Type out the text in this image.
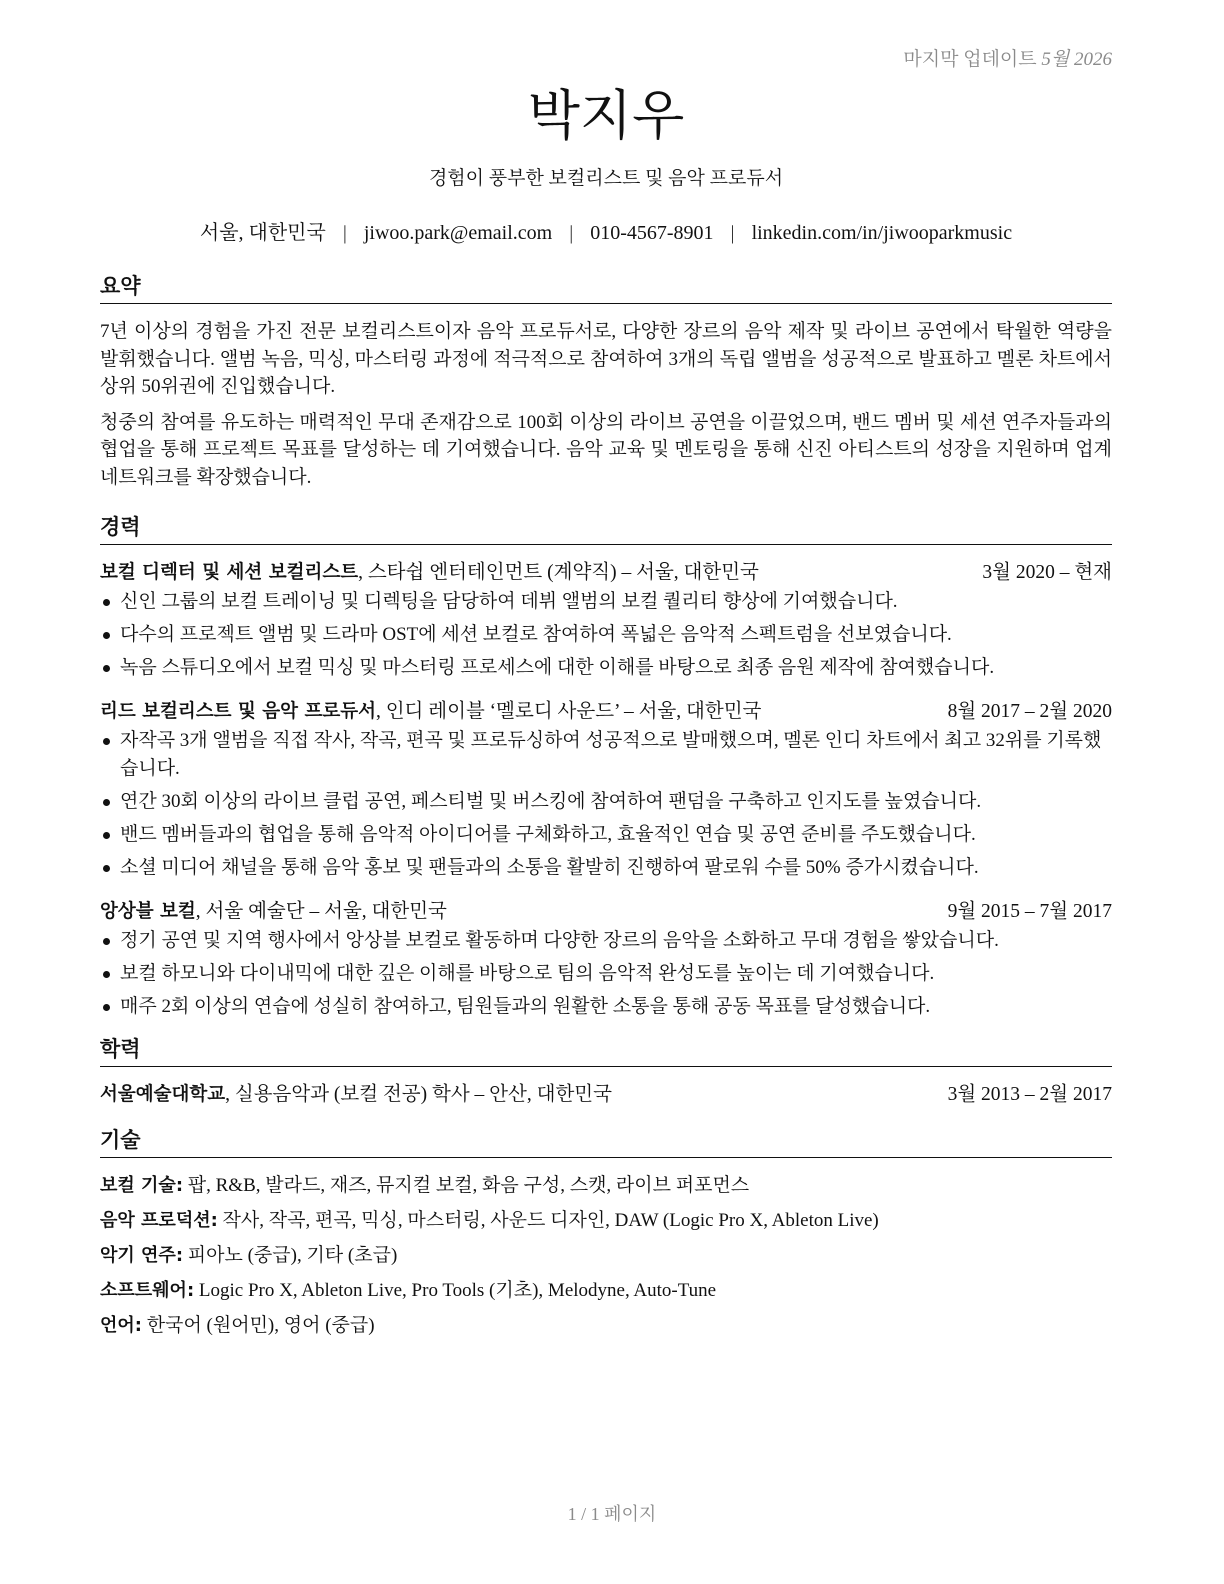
마지막 업데이트 5월 2026
박지우
경험이 풍부한 보컬리스트 및 음악 프로듀서
서울, 대한민국 | jiwoo.park@email.com | 010-4567-8901 | linkedin.com/in/jiwooparkmusic
요약

7년 이상의 경험을 가진 전문 보컬리스트이자 음악 프로듀서로, 다양한 장르의 음악 제작 및 라이브 공연에서 탁월한 역량을 발휘했습니다. 앨범 녹음, 믹싱, 마스터링 과정에 적극적으로 참여하여 3개의 독립 앨범을 성공적으로 발표하고 멜론 차트에서 상위 50위권에 진입했습니다.

청중의 참여를 유도하는 매력적인 무대 존재감으로 100회 이상의 라이브 공연을 이끌었으며, 밴드 멤버 및 세션 연주자들과의 협업을 통해 프로젝트 목표를 달성하는 데 기여했습니다. 음악 교육 및 멘토링을 통해 신진 아티스트의 성장을 지원하며 업계 네트워크를 확장했습니다.

경력
보컬 디렉터 및 세션 보컬리스트, 스타쉽 엔터테인먼트 (계약직) – 서울, 대한민국	3월 2020 – 현재
신인 그룹의 보컬 트레이닝 및 디렉팅을 담당하여 데뷔 앨범의 보컬 퀄리티 향상에 기여했습니다.
다수의 프로젝트 앨범 및 드라마 OST에 세션 보컬로 참여하여 폭넓은 음악적 스펙트럼을 선보였습니다.
녹음 스튜디오에서 보컬 믹싱 및 마스터링 프로세스에 대한 이해를 바탕으로 최종 음원 제작에 참여했습니다.
리드 보컬리스트 및 음악 프로듀서, 인디 레이블 ‘멜로디 사운드’ – 서울, 대한민국	8월 2017 – 2월 2020
자작곡 3개 앨범을 직접 작사, 작곡, 편곡 및 프로듀싱하여 성공적으로 발매했으며, 멜론 인디 차트에서 최고 32위를 기록했습니다.
연간 30회 이상의 라이브 클럽 공연, 페스티벌 및 버스킹에 참여하여 팬덤을 구축하고 인지도를 높였습니다.
밴드 멤버들과의 협업을 통해 음악적 아이디어를 구체화하고, 효율적인 연습 및 공연 준비를 주도했습니다.
소셜 미디어 채널을 통해 음악 홍보 및 팬들과의 소통을 활발히 진행하여 팔로워 수를 50% 증가시켰습니다.
앙상블 보컬, 서울 예술단 – 서울, 대한민국	9월 2015 – 7월 2017
정기 공연 및 지역 행사에서 앙상블 보컬로 활동하며 다양한 장르의 음악을 소화하고 무대 경험을 쌓았습니다.
보컬 하모니와 다이내믹에 대한 깊은 이해를 바탕으로 팀의 음악적 완성도를 높이는 데 기여했습니다.
매주 2회 이상의 연습에 성실히 참여하고, 팀원들과의 원활한 소통을 통해 공동 목표를 달성했습니다.
학력
서울예술대학교, 실용음악과 (보컬 전공) 학사 – 안산, 대한민국	3월 2013 – 2월 2017
기술
보컬 기술: 팝, R&B, 발라드, 재즈, 뮤지컬 보컬, 화음 구성, 스캣, 라이브 퍼포먼스
음악 프로덕션: 작사, 작곡, 편곡, 믹싱, 마스터링, 사운드 디자인, DAW (Logic Pro X, Ableton Live)
악기 연주: 피아노 (중급), 기타 (초급)
소프트웨어: Logic Pro X, Ableton Live, Pro Tools (기초), Melodyne, Auto-Tune
언어: 한국어 (원어민), 영어 (중급)
1 / 1 페이지
